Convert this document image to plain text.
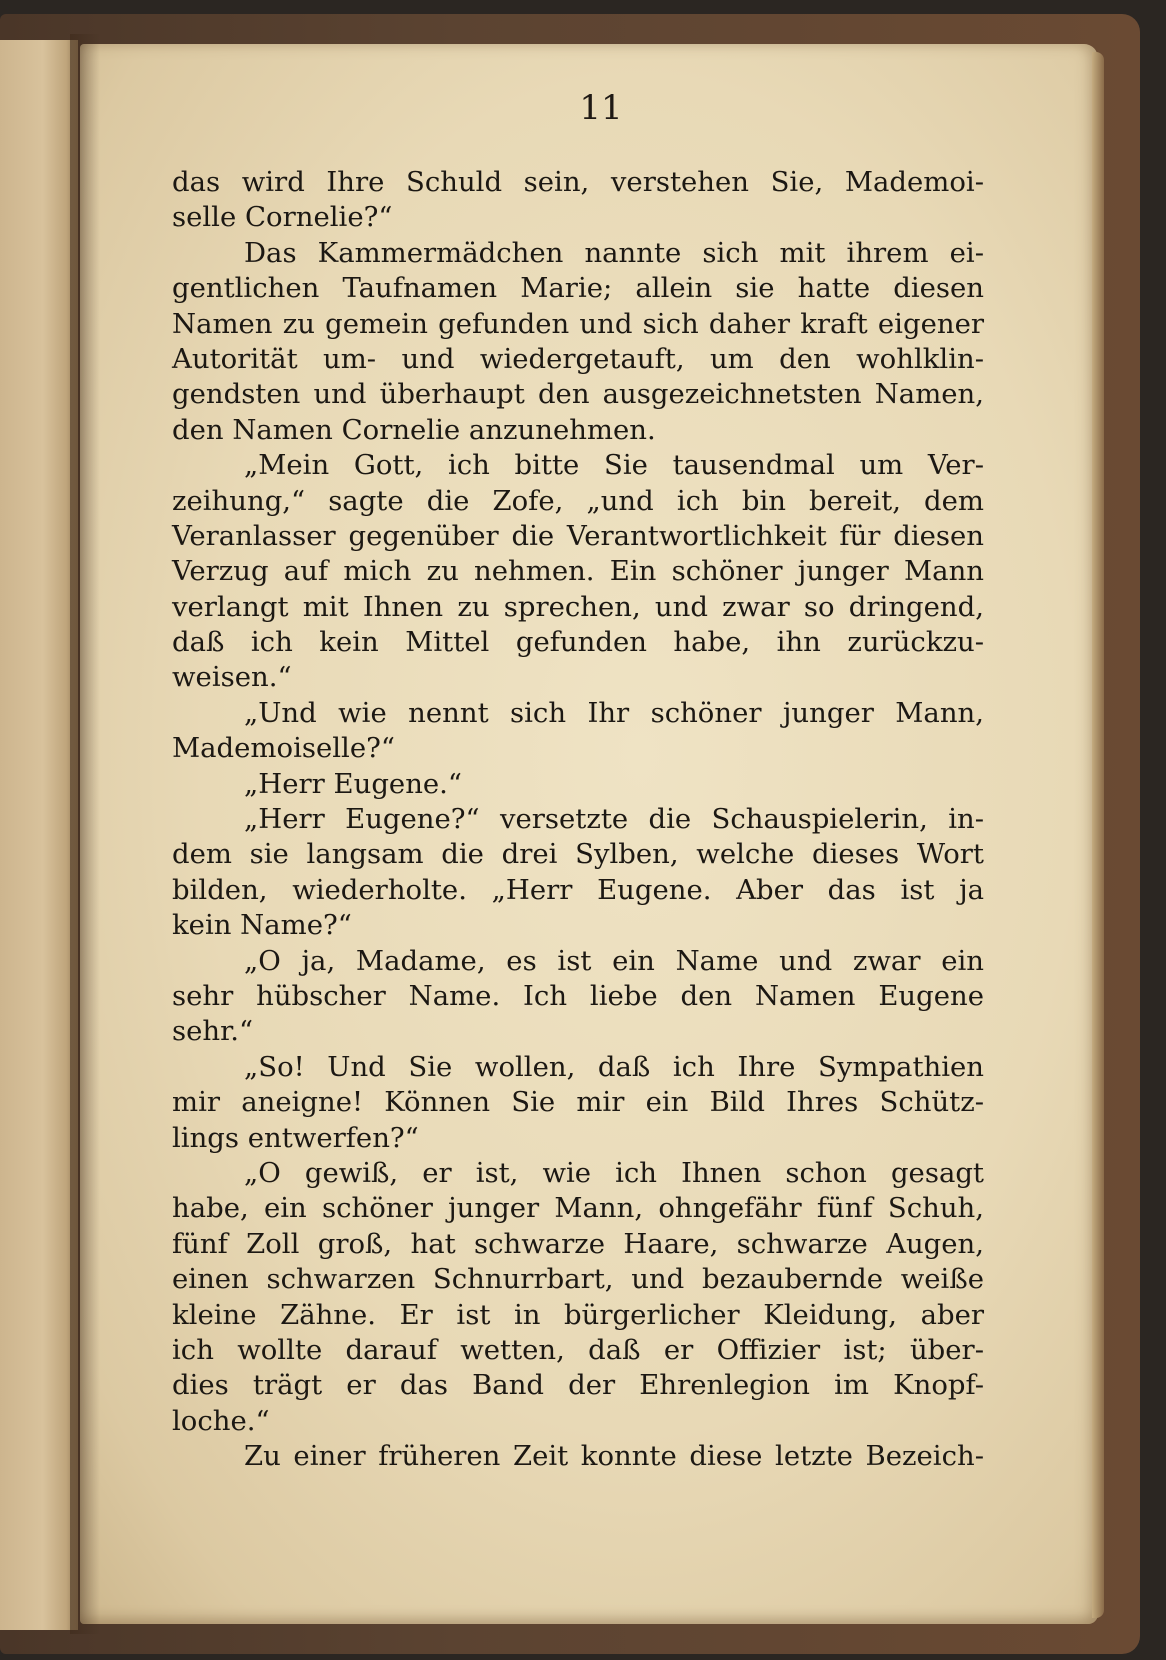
11
das wird Ihre Schuld sein, verstehen Sie, Mademoi-
selle Cornelie?“
Das Kammermädchen nannte sich mit ihrem ei-
gentlichen Taufnamen Marie; allein sie hatte diesen
Namen zu gemein gefunden und sich daher kraft eigener
Autorität um- und wiedergetauft, um den wohlklin-
gendsten und überhaupt den ausgezeichnetsten Namen,
den Namen Cornelie anzunehmen.
„Mein Gott, ich bitte Sie tausendmal um Ver-
zeihung,“ sagte die Zofe, „und ich bin bereit, dem
Veranlasser gegenüber die Verantwortlichkeit für diesen
Verzug auf mich zu nehmen. Ein schöner junger Mann
verlangt mit Ihnen zu sprechen, und zwar so dringend,
daß ich kein Mittel gefunden habe, ihn zurückzu-
weisen.“
„Und wie nennt sich Ihr schöner junger Mann,
Mademoiselle?“
„Herr Eugene.“
„Herr Eugene?“ versetzte die Schauspielerin, in-
dem sie langsam die drei Sylben, welche dieses Wort
bilden, wiederholte. „Herr Eugene. Aber das ist ja
kein Name?“
„O ja, Madame, es ist ein Name und zwar ein
sehr hübscher Name. Ich liebe den Namen Eugene
sehr.“
„So! Und Sie wollen, daß ich Ihre Sympathien
mir aneigne! Können Sie mir ein Bild Ihres Schütz-
lings entwerfen?“
„O gewiß, er ist, wie ich Ihnen schon gesagt
habe, ein schöner junger Mann, ohngefähr fünf Schuh,
fünf Zoll groß, hat schwarze Haare, schwarze Augen,
einen schwarzen Schnurrbart, und bezaubernde weiße
kleine Zähne. Er ist in bürgerlicher Kleidung, aber
ich wollte darauf wetten, daß er Offizier ist; über-
dies trägt er das Band der Ehrenlegion im Knopf-
loche.“
Zu einer früheren Zeit konnte diese letzte Bezeich-
